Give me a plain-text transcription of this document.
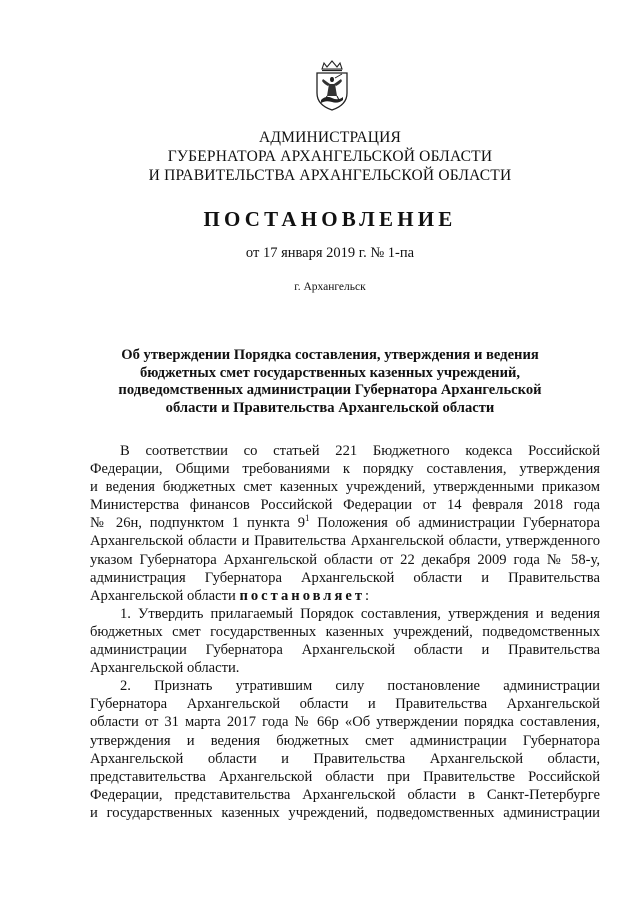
АДМИНИСТРАЦИЯ
ГУБЕРНАТОРА АРХАНГЕЛЬСКОЙ ОБЛАСТИ
И ПРАВИТЕЛЬСТВА АРХАНГЕЛЬСКОЙ ОБЛАСТИ
ПОСТАНОВЛЕНИЕ
от 17 января 2019 г. № 1-па
г. Архангельск
Об утверждении Порядка составления, утверждения и ведения
бюджетных смет государственных казенных учреждений,
подведомственных администрации Губернатора Архангельской
области и Правительства Архангельской области
В соответствии со статьей 221 Бюджетного кодекса Российской
Федерации, Общими требованиями к порядку составления, утверждения
и ведения бюджетных смет казенных учреждений, утвержденными приказом
Министерства финансов Российской Федерации от 14 февраля 2018 года
№ 26н, подпунктом 1 пункта $9^1$ Положения об администрации Губернатора
Архангельской области и Правительства Архангельской области, утвержденного
указом Губернатора Архангельской области от 22 декабря 2009 года № 58-у,
администрация Губернатора Архангельской области и Правительства
Архангельской области постановляет:
1. Утвердить прилагаемый Порядок составления, утверждения и ведения
бюджетных смет государственных казенных учреждений, подведомственных
администрации Губернатора Архангельской области и Правительства
Архангельской области.
2. Признать утратившим силу постановление администрации
Губернатора Архангельской области и Правительства Архангельской
области от 31 марта 2017 года № 66р «Об утверждении порядка составления,
утверждения и ведения бюджетных смет администрации Губернатора
Архангельской области и Правительства Архангельской области,
представительства Архангельской области при Правительстве Российской
Федерации, представительства Архангельской области в Санкт-Петербурге
и государственных казенных учреждений, подведомственных администрации
